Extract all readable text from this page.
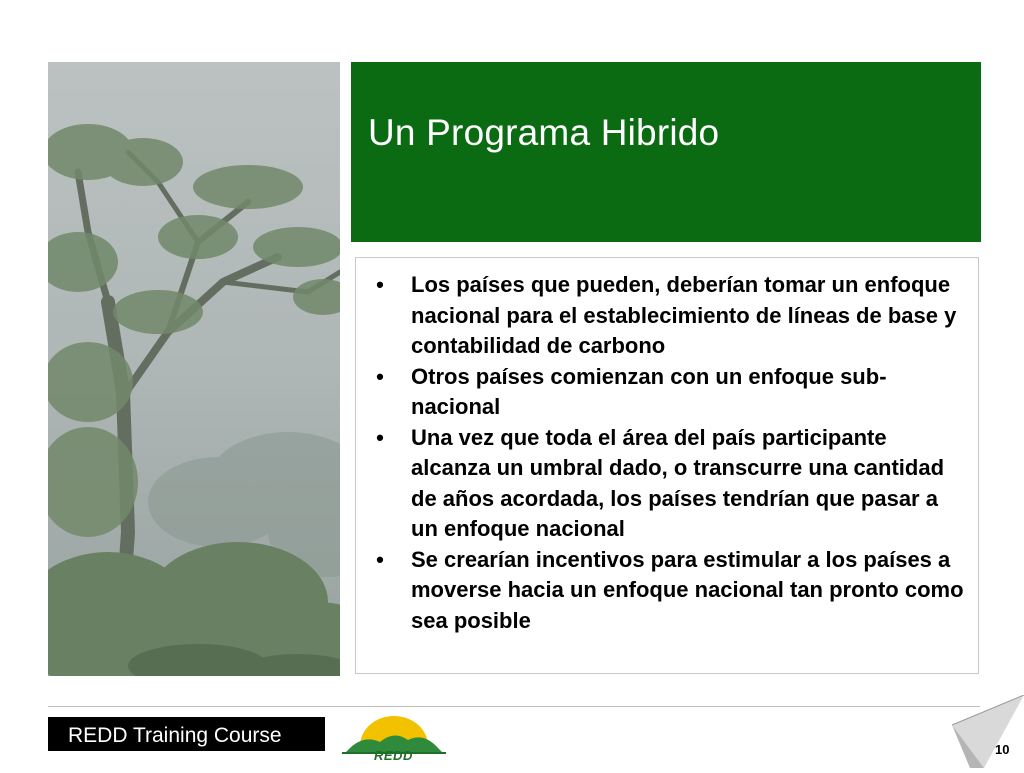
Un Programa Hibrido
• Los países que pueden, deberían tomar un enfoque nacional para el establecimiento de líneas de base y contabilidad de carbono
• Otros países comienzan con un enfoque sub-nacional
• Una vez que toda el área del país participante alcanza un umbral dado, o transcurre una cantidad de años acordada, los países tendrían que pasar a un enfoque nacional
• Se crearían incentivos para estimular a los países a moverse hacia un enfoque nacional tan pronto como sea posible
REDD Training Course
REDD	10
